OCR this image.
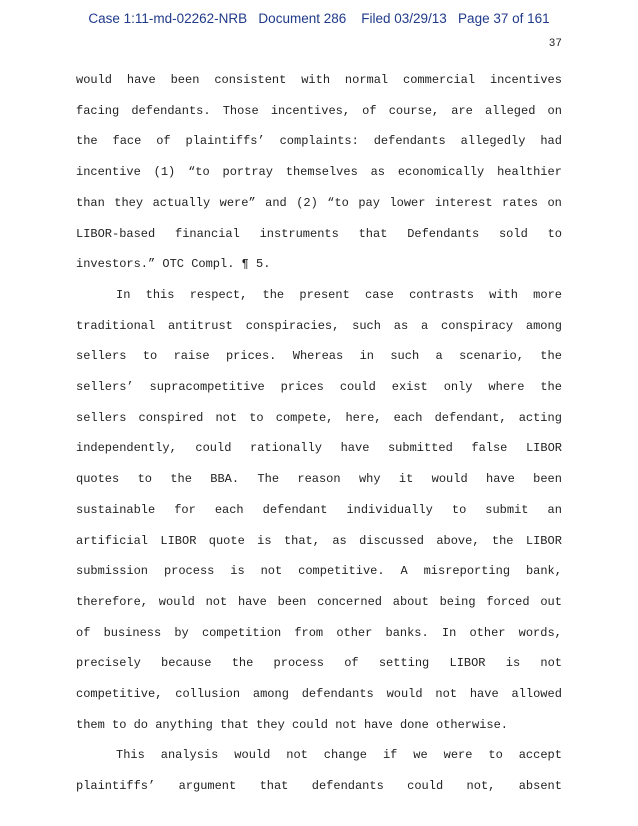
Case 1:11-md-02262-NRB   Document 286    Filed 03/29/13   Page 37 of 161
37
would have been consistent with normal commercial incentives
facing defendants. Those incentives, of course, are alleged on
the face of plaintiffs’ complaints: defendants allegedly had
incentive (1) “to portray themselves as economically healthier
than they actually were” and (2) “to pay lower interest rates on
LIBOR-based financial instruments that Defendants sold to
investors.” OTC Compl. ¶ 5.
In this respect, the present case contrasts with more
traditional antitrust conspiracies, such as a conspiracy among
sellers to raise prices. Whereas in such a scenario, the
sellers’ supracompetitive prices could exist only where the
sellers conspired not to compete, here, each defendant, acting
independently, could rationally have submitted false LIBOR
quotes to the BBA. The reason why it would have been
sustainable for each defendant individually to submit an
artificial LIBOR quote is that, as discussed above, the LIBOR
submission process is not competitive. A misreporting bank,
therefore, would not have been concerned about being forced out
of business by competition from other banks. In other words,
precisely because the process of setting LIBOR is not
competitive, collusion among defendants would not have allowed
them to do anything that they could not have done otherwise.
This analysis would not change if we were to accept
plaintiffs’ argument that defendants could not, absent
